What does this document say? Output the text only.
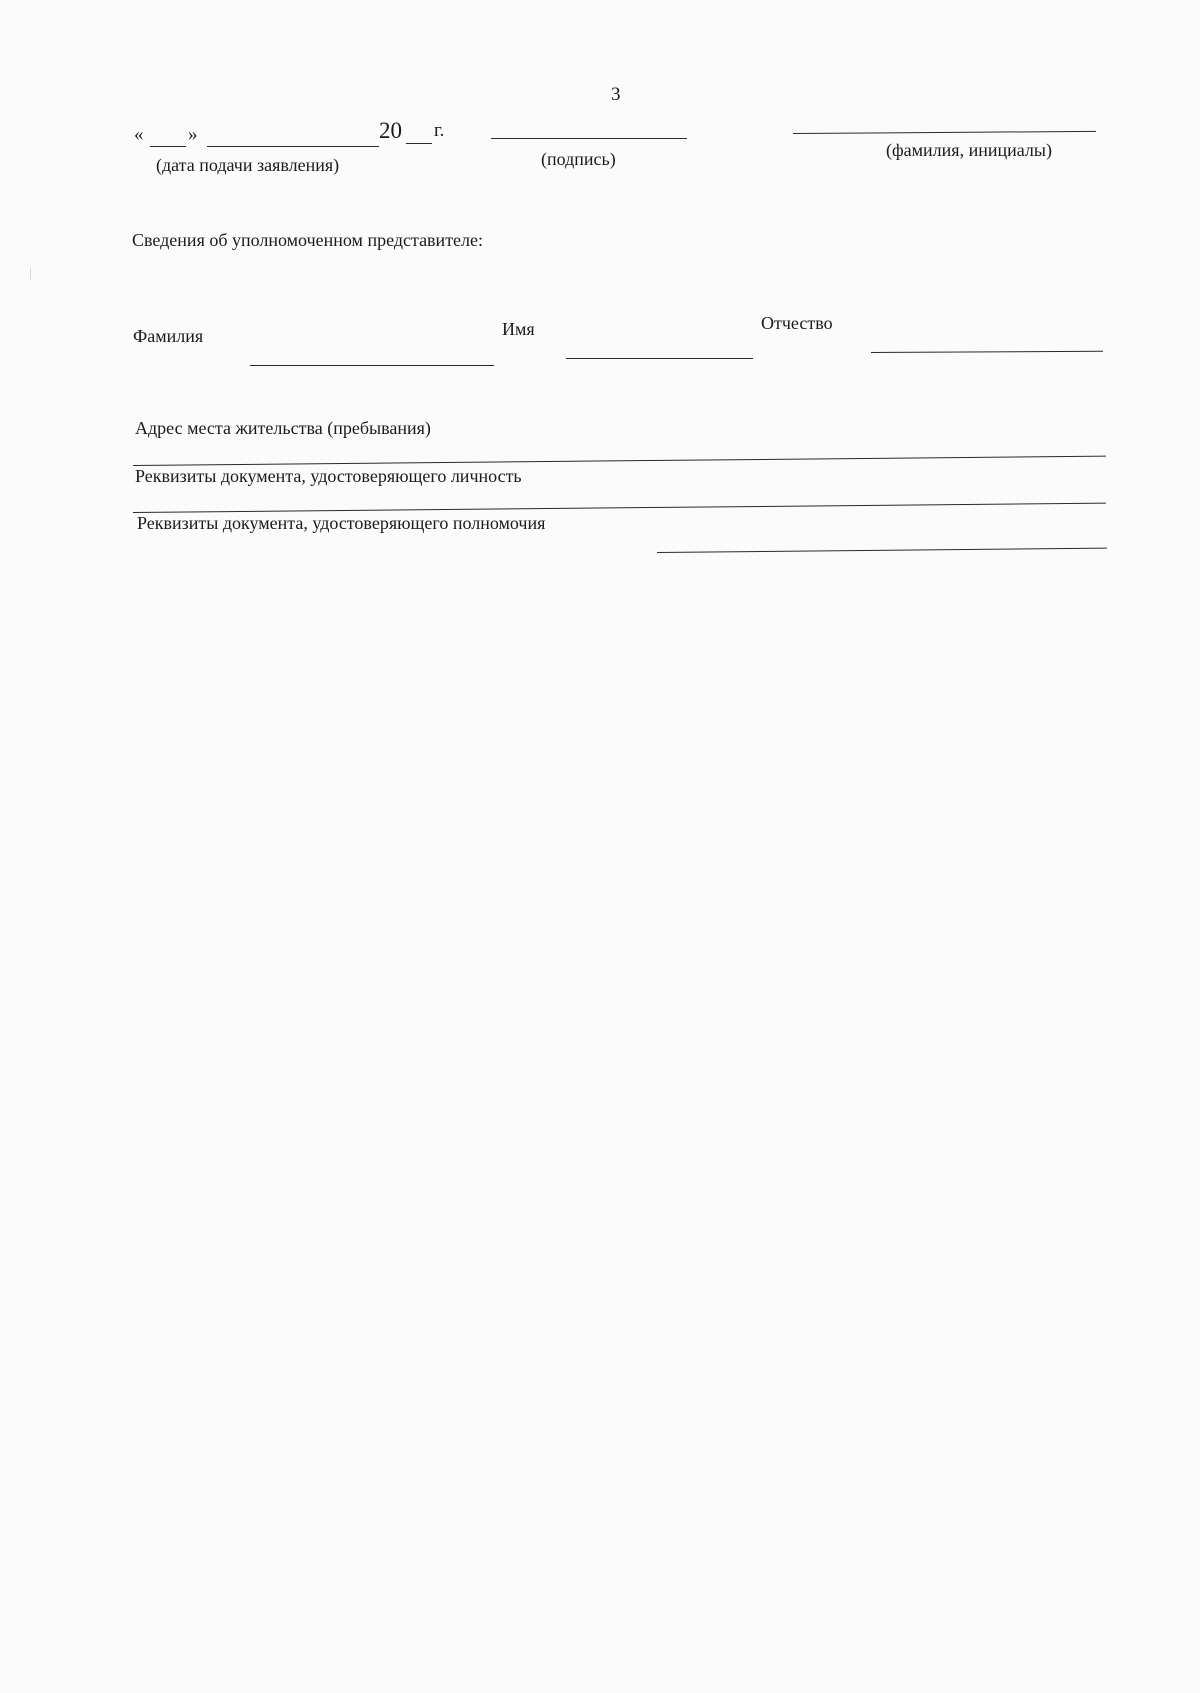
3
« »	20 г.
(дата подачи заявления)	(подпись)	(фамилия, инициалы)
Сведения об уполномоченном представителе:
Фамилия	Имя	Отчество
Адрес места жительства (пребывания)
Реквизиты документа, удостоверяющего личность
Реквизиты документа, удостоверяющего полномочия
